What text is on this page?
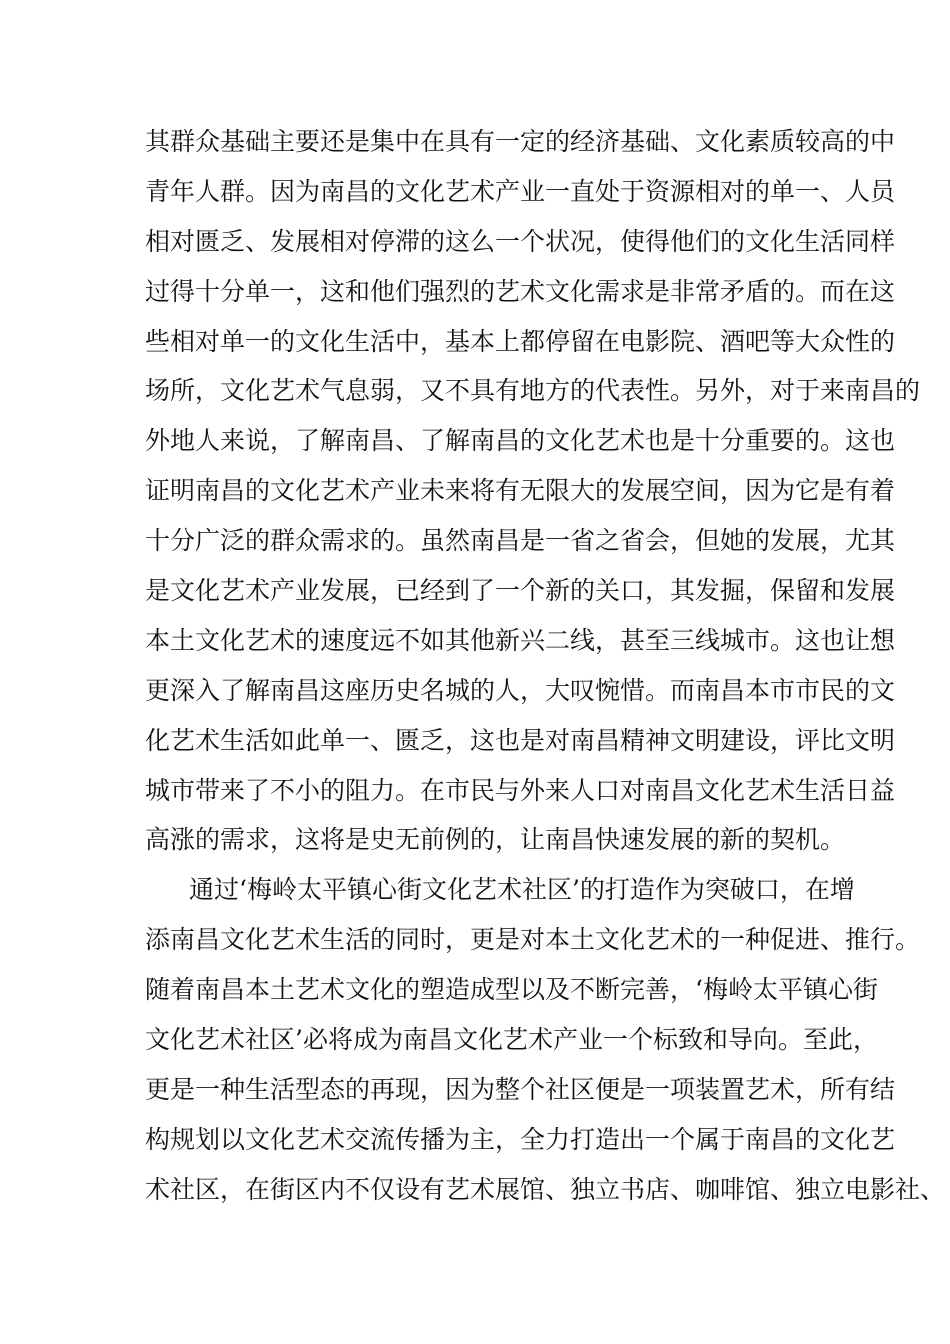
其群众基础主要还是集中在具有一定的经济基础、文化素质较高的中
青年人群。因为南昌的文化艺术产业一直处于资源相对的单一、人员
相对匮乏、发展相对停滞的这么一个状况，使得他们的文化生活同样
过得十分单一，这和他们强烈的艺术文化需求是非常矛盾的。而在这
些相对单一的文化生活中，基本上都停留在电影院、酒吧等大众性的
场所，文化艺术气息弱，又不具有地方的代表性。另外，对于来南昌的
外地人来说，了解南昌、了解南昌的文化艺术也是十分重要的。这也
证明南昌的文化艺术产业未来将有无限大的发展空间，因为它是有着
十分广泛的群众需求的。虽然南昌是一省之省会，但她的发展，尤其
是文化艺术产业发展，已经到了一个新的关口，其发掘，保留和发展
本土文化艺术的速度远不如其他新兴二线，甚至三线城市。这也让想
更深入了解南昌这座历史名城的人，大叹惋惜。而南昌本市市民的文
化艺术生活如此单一、匮乏，这也是对南昌精神文明建设，评比文明
城市带来了不小的阻力。在市民与外来人口对南昌文化艺术生活日益
高涨的需求，这将是史无前例的，让南昌快速发展的新的契机。
通过‘梅岭太平镇心街文化艺术社区’的打造作为突破口，在增
添南昌文化艺术生活的同时，更是对本土文化艺术的一种促进、推行。
随着南昌本土艺术文化的塑造成型以及不断完善，‘梅岭太平镇心街
文化艺术社区’必将成为南昌文化艺术产业一个标致和导向。至此，
更是一种生活型态的再现，因为整个社区便是一项装置艺术，所有结
构规划以文化艺术交流传播为主，全力打造出一个属于南昌的文化艺
术社区，在街区内不仅设有艺术展馆、独立书店、咖啡馆、独立电影社、
